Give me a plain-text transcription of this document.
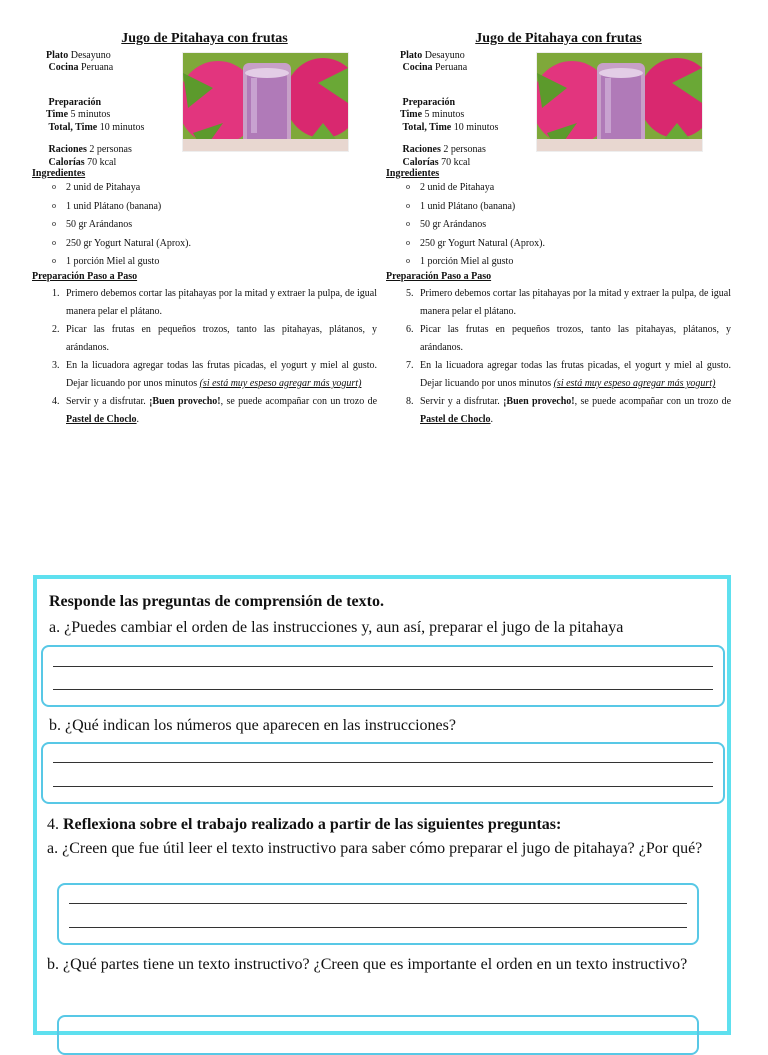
Jugo de Pitahaya con frutas
Plato Desayuno
Cocina Peruana
Preparación
Time 5 minutos
Total, Time 10 minutos
Raciones 2 personas
Calorías 70 kcal
Ingredientes
o 2 unid de Pitahaya
o 1 unid Plátano (banana)
o 50 gr Arándanos
o 250 gr Yogurt Natural (Aprox).
o 1 porción Miel al gusto
Preparación Paso a Paso
1. Primero debemos cortar las pitahayas por la mitad y extraer la pulpa, de igual manera pelar el plátano.
2. Picar las frutas en pequeños trozos, tanto las pitahayas, plátanos, y arándanos.
3. En la licuadora agregar todas las frutas picadas, el yogurt y miel al gusto. Dejar licuando por unos minutos (si está muy espeso agregar más yogurt)
4. Servir y a disfrutar. ¡Buen provecho!, se puede acompañar con un trozo de Pastel de Choclo.
Jugo de Pitahaya con frutas
Plato Desayuno
Cocina Peruana
Preparación
Time 5 minutos
Total, Time 10 minutos
Raciones 2 personas
Calorías 70 kcal
Ingredientes
o 2 unid de Pitahaya
o 1 unid Plátano (banana)
o 50 gr Arándanos
o 250 gr Yogurt Natural (Aprox).
o 1 porción Miel al gusto
Preparación Paso a Paso
5. Primero debemos cortar las pitahayas por la mitad y extraer la pulpa, de igual manera pelar el plátano.
6. Picar las frutas en pequeños trozos, tanto las pitahayas, plátanos, y arándanos.
7. En la licuadora agregar todas las frutas picadas, el yogurt y miel al gusto. Dejar licuando por unos minutos (si está muy espeso agregar más yogurt)
8. Servir y a disfrutar. ¡Buen provecho!, se puede acompañar con un trozo de Pastel de Choclo.
Responde las preguntas de comprensión de texto.
a. ¿Puedes cambiar el orden de las instrucciones y, aun así, preparar el jugo de la pitahaya
b. ¿Qué indican los números que aparecen en las instrucciones?
4. Reflexiona sobre el trabajo realizado a partir de las siguientes preguntas:
a. ¿Creen que fue útil leer el texto instructivo para saber cómo preparar el jugo de pitahaya? ¿Por qué?
b. ¿Qué partes tiene un texto instructivo? ¿Creen que es importante el orden en un texto instructivo?
